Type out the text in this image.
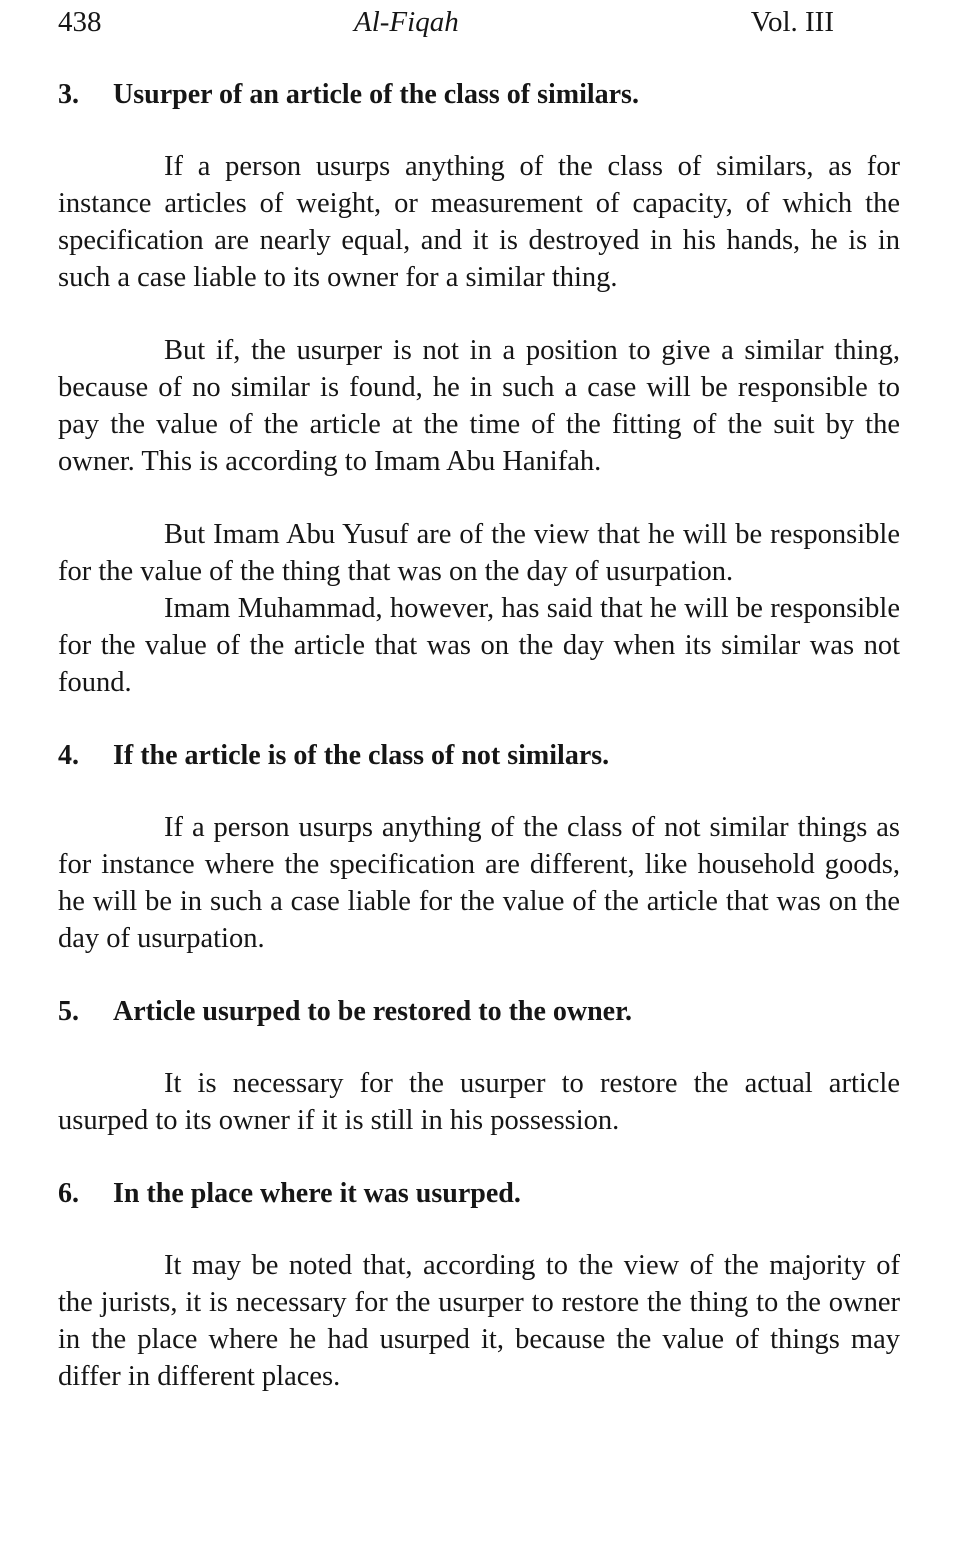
438	Al-Fiqah	Vol. III
3.	Usurper of an article of the class of similars.

If a person usurps anything of the class of similars, as for instance articles of weight, or measurement of capacity, of which the specification are nearly equal, and it is destroyed in his hands, he is in such a case liable to its owner for a similar thing.

But if, the usurper is not in a position to give a similar thing, because of no similar is found, he in such a case will be responsible to pay the value of the article at the time of the fitting of the suit by the owner. This is according to Imam Abu Hanifah.

But Imam Abu Yusuf are of the view that he will be responsible for the value of the thing that was on the day of usurpation.

Imam Muhammad, however, has said that he will be responsible for the value of the article that was on the day when its similar was not found.

4.	If the article is of the class of not similars.

If a person usurps anything of the class of not similar things as for instance where the specification are different, like household goods, he will be in such a case liable for the value of the article that was on the day of usurpation.

5.	Article usurped to be restored to the owner.

It is necessary for the usurper to restore the actual article usurped to its owner if it is still in his possession.

6.	In the place where it was usurped.

It may be noted that, according to the view of the majority of the jurists, it is necessary for the usurper to restore the thing to the owner in the place where he had usurped it, because the value of things may differ in different places.
